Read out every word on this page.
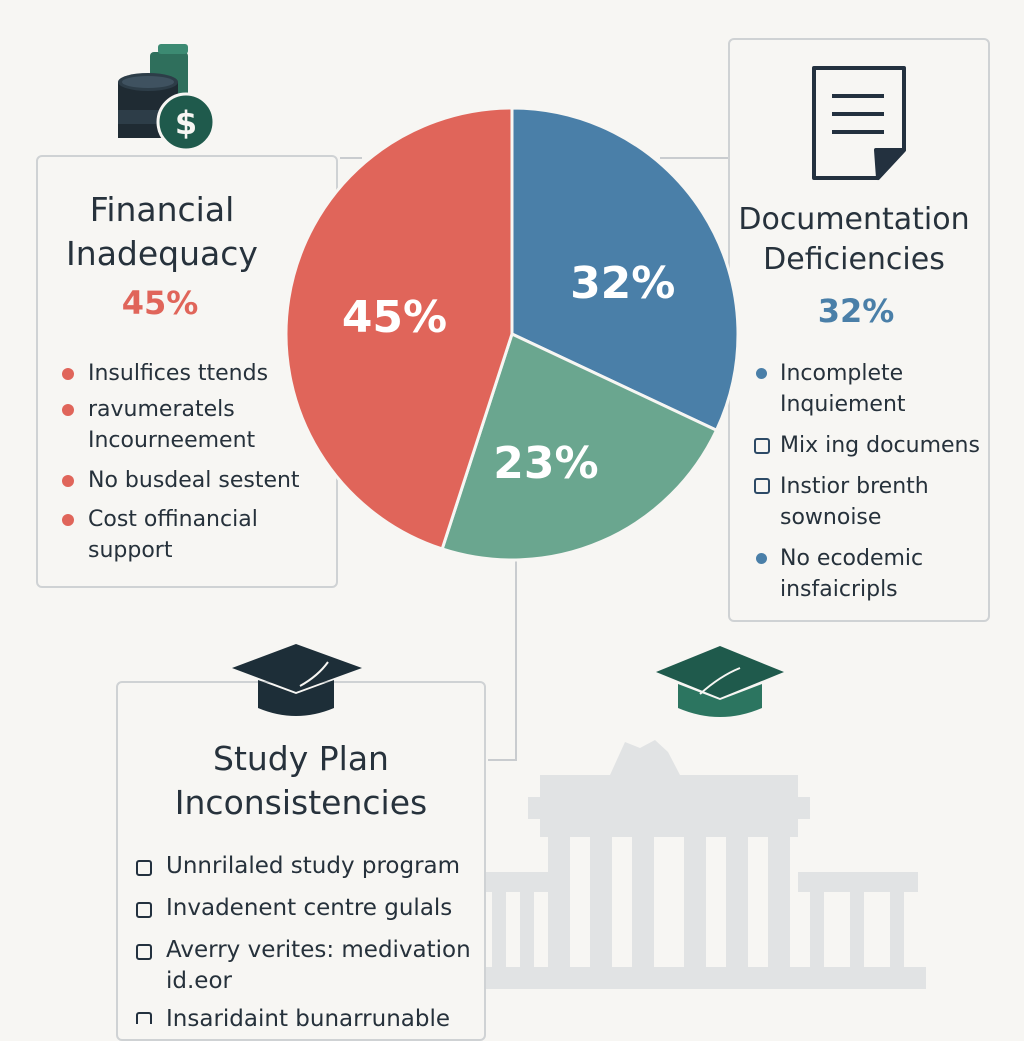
32%
23%
45%
$
Financial
Inadequacy
45%
Insulfices ttends
ravumeratels
Incourneement
No busdeal sestent
Cost offinancial
support
Documentation
Deficiencies
32%
Incomplete
Inquiement
Mix ing documens
Instior brenth
sownoise
No ecodemic
insfaicripls
Study Plan
Inconsistencies
Unnrilaled study program
Invadenent centre gulals
Averry verites: medivation
id.eor
Insaridaint bunarrunable
